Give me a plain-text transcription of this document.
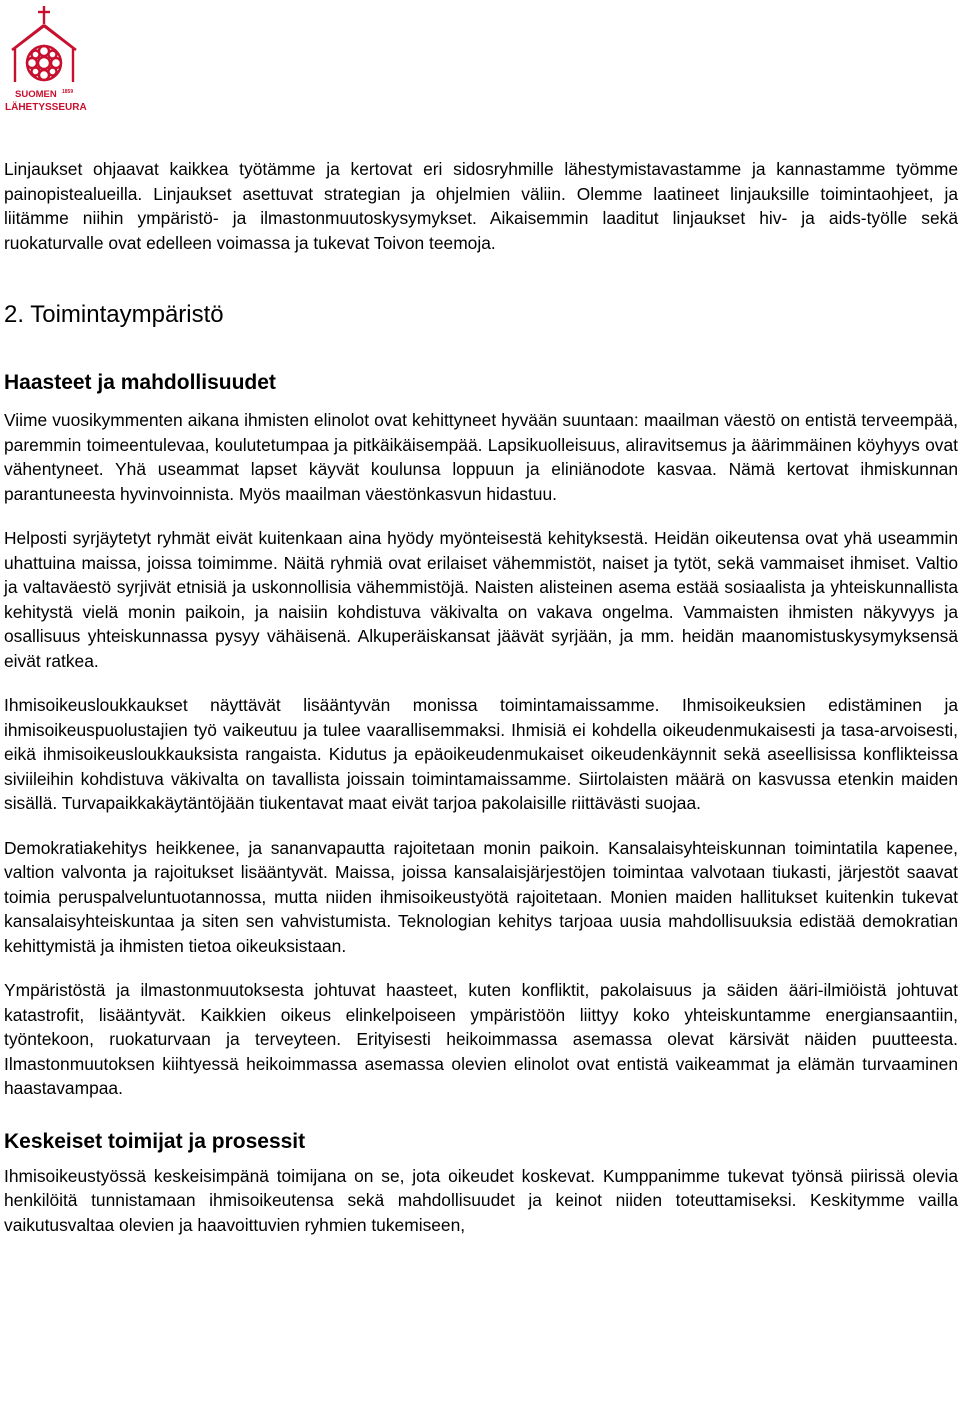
SUOMEN 1859
LÄHETYSSEURA

Linjaukset ohjaavat kaikkea työtämme ja kertovat eri sidosryhmille lähestymistavastamme ja kannastamme työmme painopistealueilla. Linjaukset asettuvat strategian ja ohjelmien väliin. Olemme laatineet linjauksille toimintaohjeet, ja liitämme niihin ympäristö- ja ilmastonmuutoskysymykset. Aikaisemmin laaditut linjaukset hiv- ja aids-työlle sekä ruokaturvalle ovat edelleen voimassa ja tukevat Toivon teemoja.

2. Toimintaympäristö
Haasteet ja mahdollisuudet

Viime vuosikymmenten aikana ihmisten elinolot ovat kehittyneet hyvään suuntaan: maailman väestö on entistä terveempää, paremmin toimeentulevaa, koulutetumpaa ja pitkäikäisempää. Lapsikuolleisuus, aliravitsemus ja äärimmäinen köyhyys ovat vähentyneet. Yhä useammat lapset käyvät koulunsa loppuun ja eliniänodote kasvaa. Nämä kertovat ihmiskunnan parantuneesta hyvinvoinnista. Myös maailman väestönkasvun hidastuu.

Helposti syrjäytetyt ryhmät eivät kuitenkaan aina hyödy myönteisestä kehityksestä. Heidän oikeutensa ovat yhä useammin uhattuina maissa, joissa toimimme. Näitä ryhmiä ovat erilaiset vähemmistöt, naiset ja tytöt, sekä vammaiset ihmiset. Valtio ja valtaväestö syrjivät etnisiä ja uskonnollisia vähemmistöjä. Naisten alisteinen asema estää sosiaalista ja yhteiskunnallista kehitystä vielä monin paikoin, ja naisiin kohdistuva väkivalta on vakava ongelma. Vammaisten ihmisten näkyvyys ja osallisuus yhteiskunnassa pysyy vähäisenä. Alkuperäiskansat jäävät syrjään, ja mm. heidän maanomistuskysymyksensä eivät ratkea.

Ihmisoikeusloukkaukset näyttävät lisääntyvän monissa toimintamaissamme. Ihmisoikeuksien edistäminen ja ihmisoikeuspuolustajien työ vaikeutuu ja tulee vaarallisemmaksi. Ihmisiä ei kohdella oikeudenmukaisesti ja tasa-arvoisesti, eikä ihmisoikeusloukkauksista rangaista. Kidutus ja epäoikeudenmukaiset oikeudenkäynnit sekä aseellisissa konflikteissa siviileihin kohdistuva väkivalta on tavallista joissain toimintamaissamme. Siirtolaisten määrä on kasvussa etenkin maiden sisällä. Turvapaikkakäytäntöjään tiukentavat maat eivät tarjoa pakolaisille riittävästi suojaa.

Demokratiakehitys heikkenee, ja sananvapautta rajoitetaan monin paikoin. Kansalaisyhteiskunnan toimintatila kapenee, valtion valvonta ja rajoitukset lisääntyvät. Maissa, joissa kansalaisjärjestöjen toimintaa valvotaan tiukasti, järjestöt saavat toimia peruspalveluntuotannossa, mutta niiden ihmisoikeustyötä rajoitetaan. Monien maiden hallitukset kuitenkin tukevat kansalaisyhteiskuntaa ja siten sen vahvistumista. Teknologian kehitys tarjoaa uusia mahdollisuuksia edistää demokratian kehittymistä ja ihmisten tietoa oikeuksistaan.

Ympäristöstä ja ilmastonmuutoksesta johtuvat haasteet, kuten konfliktit, pakolaisuus ja säiden ääri-ilmiöistä johtuvat katastrofit, lisääntyvät. Kaikkien oikeus elinkelpoiseen ympäristöön liittyy koko yhteiskuntamme energiansaantiin, työntekoon, ruokaturvaan ja terveyteen. Erityisesti heikoimmassa asemassa olevat kärsivät näiden puutteesta. Ilmastonmuutoksen kiihtyessä heikoimmassa asemassa olevien elinolot ovat entistä vaikeammat ja elämän turvaaminen haastavampaa.

Keskeiset toimijat ja prosessit

Ihmisoikeustyössä keskeisimpänä toimijana on se, jota oikeudet koskevat. Kumppanimme tukevat työnsä piirissä olevia henkilöitä tunnistamaan ihmisoikeutensa sekä mahdollisuudet ja keinot niiden toteuttamiseksi. Keskitymme vailla vaikutusvaltaa olevien ja haavoittuvien ryhmien tukemiseen,
